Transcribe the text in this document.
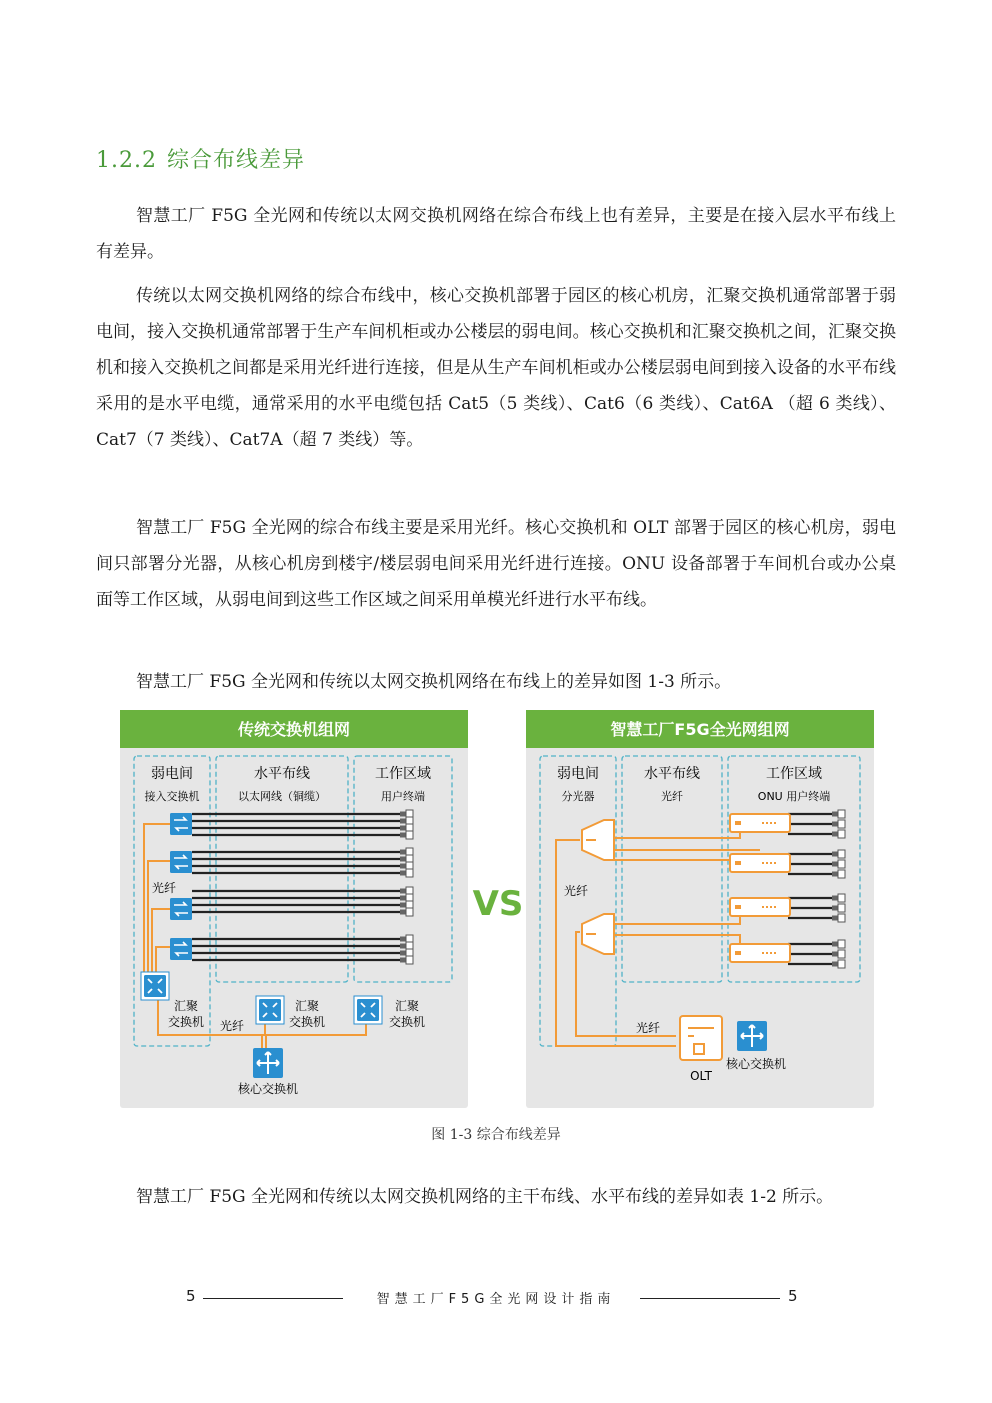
1.2.2 综合布线差异
智慧工厂 F5G 全光网和传统以太网交换机网络在综合布线上也有差异，主要是在接入层水平布线上有差异。
传统以太网交换机网络的综合布线中，核心交换机部署于园区的核心机房，汇聚交换机通常部署于弱电间，接入交换机通常部署于生产车间机柜或办公楼层的弱电间。核心交换机和汇聚交换机之间，汇聚交换机和接入交换机之间都是采用光纤进行连接，但是从生产车间机柜或办公楼层弱电间到接入设备的水平布线采用的是水平电缆，通常采用的水平电缆包括 Cat5（5 类线）、Cat6（6 类线）、Cat6A （超 6 类线）、Cat7（7 类线）、Cat7A（超 7 类线）等。
智慧工厂 F5G 全光网的综合布线主要是采用光纤。核心交换机和 OLT 部署于园区的核心机房，弱电间只部署分光器，从核心机房到楼宇/楼层弱电间采用光纤进行连接。ONU 设备部署于车间机台或办公桌面等工作区域，从弱电间到这些工作区域之间采用单模光纤进行水平布线。
智慧工厂 F5G 全光网和传统以太网交换机网络在布线上的差异如图 1-3 所示。
传统交换机组网
弱电间
接入交换机
水平布线
以太网线（铜缆）
工作区域
用户终端
光纤
光纤
汇聚
交换机
汇聚
交换机
汇聚
交换机
核心交换机
VS
智慧工厂F5G全光网组网
弱电间
分光器
水平布线
光纤
工作区域
ONU 用户终端
光纤
光纤
OLT
核心交换机
图 1-3 综合布线差异
智慧工厂 F5G 全光网和传统以太网交换机网络的主干布线、水平布线的差异如表 1-2 所示。
5	智慧工厂F5G全光网设计指南	5
